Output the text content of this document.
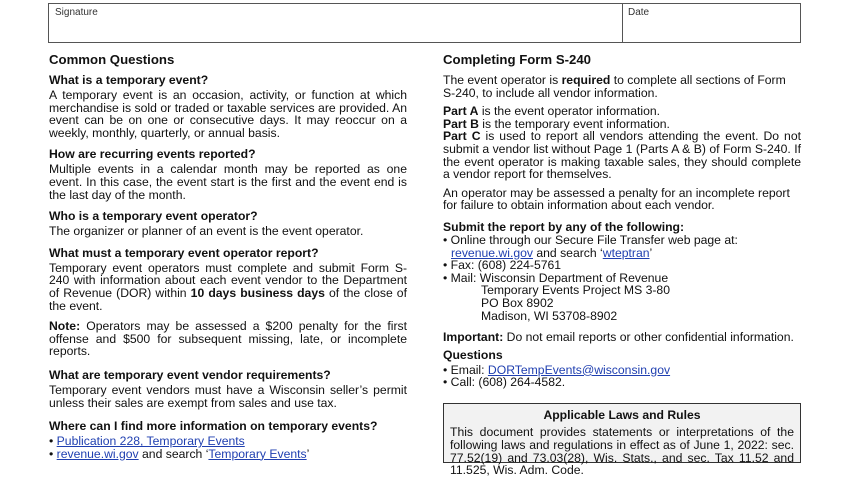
Signature	Date

Common Questions

What is a temporary event?

A temporary event is an occasion, activity, or function at which merchandise is sold or traded or taxable services are provided. An event can be on one or consecutive days. It may reoccur on a weekly, monthly, quarterly, or annual basis.

How are recurring events reported?

Multiple events in a calendar month may be reported as one event. In this case, the event start is the first and the event end is the last day of the month.

Who is a temporary event operator?

The organizer or planner of an event is the event operator.

What must a temporary event operator report?

Temporary event operators must complete and submit Form S-240 with information about each event vendor to the Department of Revenue (DOR) within 10 days business days of the close of the event.

Note: Operators may be assessed a $200 penalty for the first offense and $500 for subsequent missing, late, or incomplete reports.

What are temporary event vendor requirements?

Temporary event vendors must have a Wisconsin seller’s permit unless their sales are exempt from sales and use tax.

Where can I find more information on temporary events?

• Publication 228, Temporary Events

• revenue.wi.gov and search ‘Temporary Events’

Completing Form S-240

The event operator is required to complete all sections of Form S-240, to include all vendor information.

Part A is the event operator information.

Part B is the temporary event information.

Part C is used to report all vendors attending the event. Do not submit a vendor list without Page 1 (Parts A & B) of Form S-240. If the event operator is making taxable sales, they should complete a vendor report for themselves.

An operator may be assessed a penalty for an incomplete report for failure to obtain information about each vendor.

Submit the report by any of the following:

• Online through our Secure File Transfer web page at:
revenue.wi.gov and search ‘wteptran’

• Fax: (608) 224-5761

• Mail: Wisconsin Department of Revenue

Temporary Events Project MS 3-80

PO Box 8902

Madison, WI 53708-8902

Important: Do not email reports or other confidential information.

Questions

• Email: DORTempEvents@wisconsin.gov

• Call: (608) 264-4582.

Applicable Laws and Rules
This document provides statements or interpretations of the following laws and regulations in effect as of June 1, 2022: sec. 77.52(19) and 73.03(28), Wis. Stats., and sec. Tax 11.52 and 11.525, Wis. Adm. Code.
